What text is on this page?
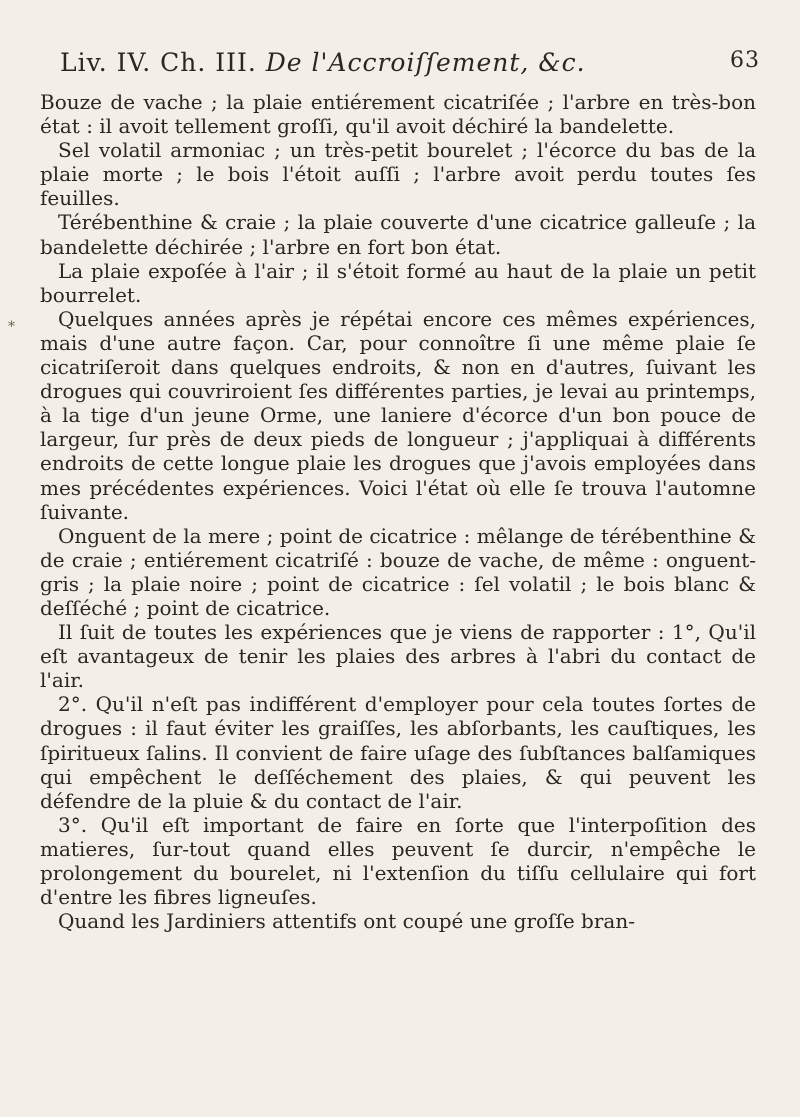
Liv. IV. Ch. III. De l'Accroiſſement, &c.	63
*

Bouze de vache ; la plaie entiérement cicatriſée ; l'arbre en très-bon état : il avoit tellement groſſi, qu'il avoit déchiré la bandelette.

Sel volatil armoniac ; un très-petit bourelet ; l'écorce du bas de la plaie morte ; le bois l'étoit auſſi ; l'arbre avoit perdu toutes ſes feuilles.

Térébenthine & craie ; la plaie couverte d'une cicatrice galleuſe ; la bandelette déchirée ; l'arbre en fort bon état.

La plaie expoſée à l'air ; il s'étoit formé au haut de la plaie un petit bourrelet.

Quelques années après je répétai encore ces mêmes expériences, mais d'une autre façon. Car, pour connoître ſi une même plaie ſe cicatriſeroit dans quelques endroits, & non en d'autres, ſuivant les drogues qui couvriroient ſes différentes parties, je levai au printemps, à la tige d'un jeune Orme, une laniere d'écorce d'un bon pouce de largeur, ſur près de deux pieds de longueur ; j'appliquai à différents endroits de cette longue plaie les drogues que j'avois employées dans mes précédentes expériences. Voici l'état où elle ſe trouva l'automne ſuivante.

Onguent de la mere ; point de cicatrice : mêlange de térébenthine & de craie ; entiérement cicatriſé : bouze de vache, de même : onguent-gris ; la plaie noire ; point de cicatrice : ſel volatil ; le bois blanc & deſſéché ; point de cicatrice.

Il ſuit de toutes les expériences que je viens de rapporter : 1°, Qu'il eſt avantageux de tenir les plaies des arbres à l'abri du contact de l'air.

2°. Qu'il n'eſt pas indifférent d'employer pour cela toutes ſortes de drogues : il faut éviter les graiſſes, les abſorbants, les cauſtiques, les ſpiritueux ſalins. Il convient de faire uſage des ſubſtances balſamiques qui empêchent le deſſéchement des plaies, & qui peuvent les défendre de la pluie & du contact de l'air.

3°. Qu'il eſt important de faire en ſorte que l'interpoſition des matieres, ſur-tout quand elles peuvent ſe durcir, n'empêche le prolongement du bourelet, ni l'extenſion du tiſſu cellulaire qui fort d'entre les fibres ligneuſes.

Quand les Jardiniers attentifs ont coupé une groſſe bran-
